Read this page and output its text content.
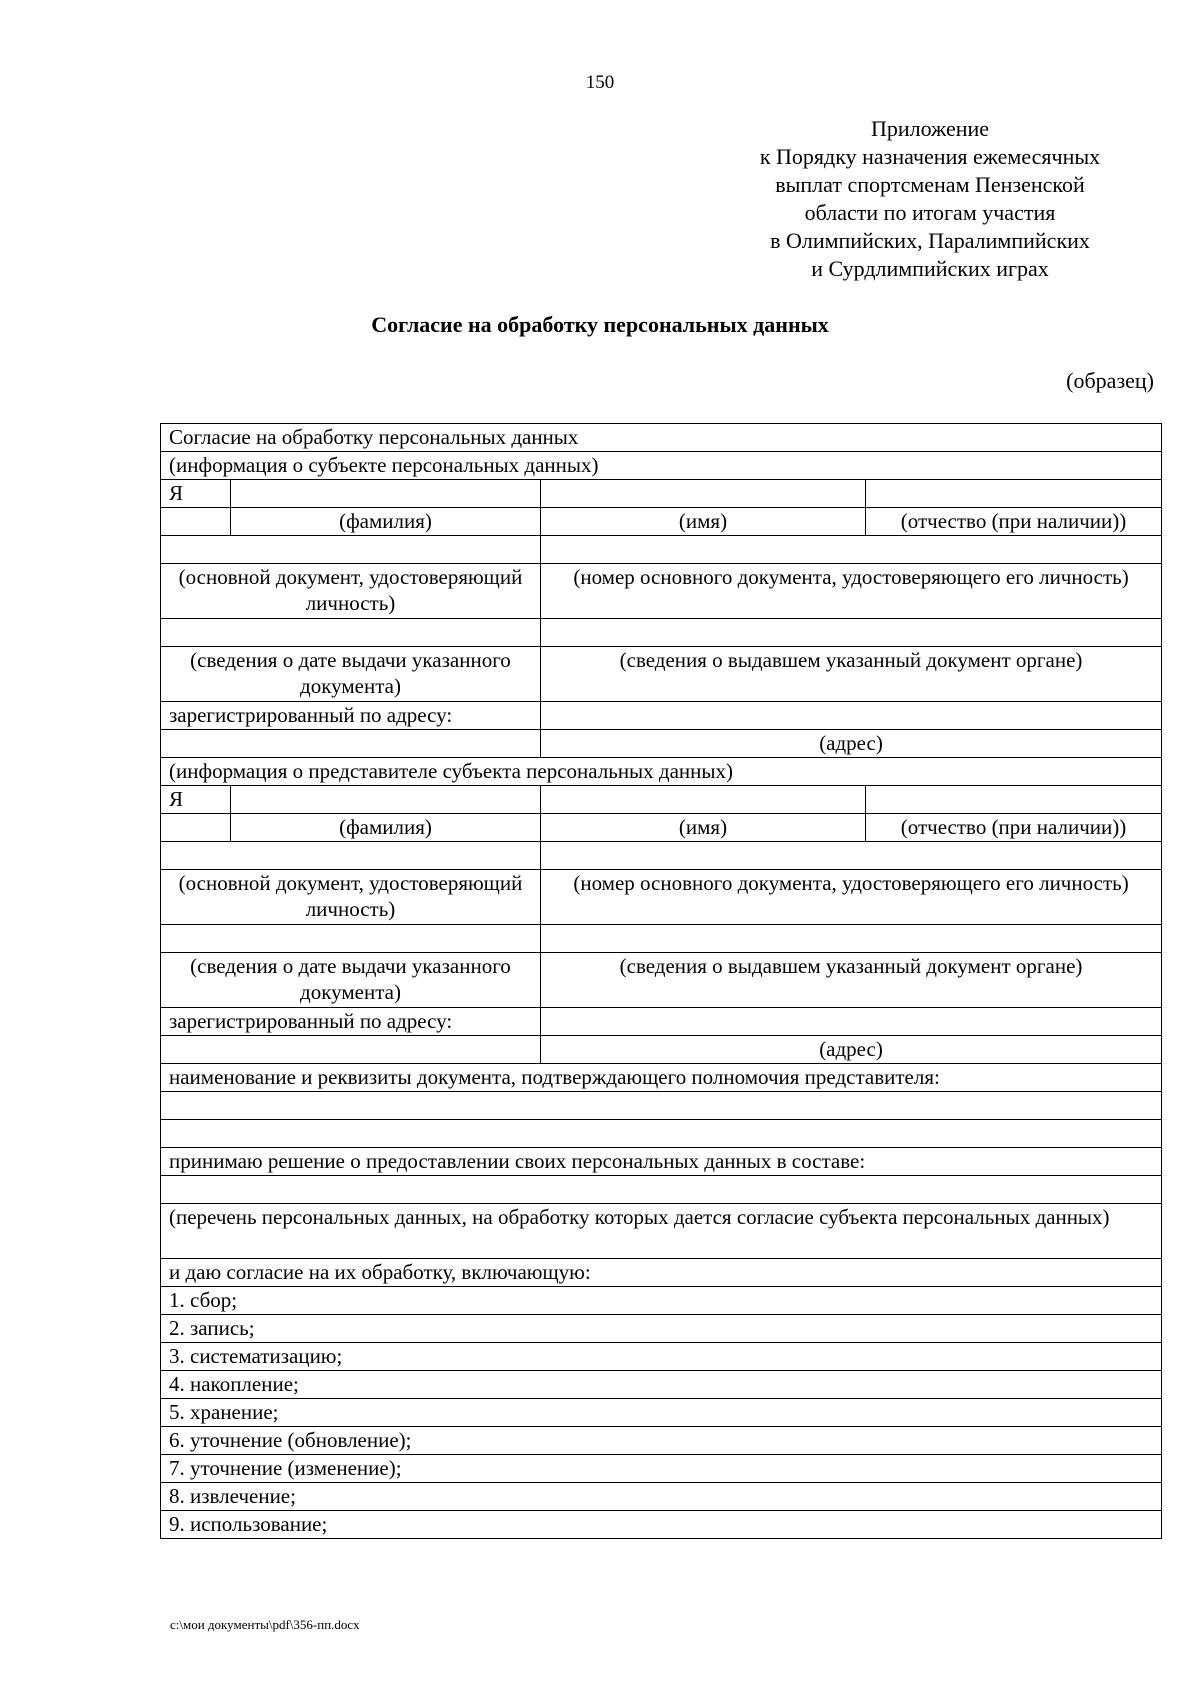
150
Приложение
к Порядку назначения ежемесячных
выплат спортсменам Пензенской
области по итогам участия
в Олимпийских, Паралимпийских
и Сурдлимпийских играх
Согласие на обработку персональных данных
(образец)
Согласие на обработку персональных данных			
(информация о субъекте персональных данных)			
Я			
	(фамилия)	(имя)	(отчество (при наличии))

(основной документ, удостоверяющий личность)		(номер основного документа, удостоверяющего его личность)	

(сведения о дате выдачи указанного документа)		(сведения о выдавшем указанный документ органе)	
зарегистрированный по адресу:			
		(адрес)	
(информация о представителе субъекта персональных данных)			
Я			
	(фамилия)	(имя)	(отчество (при наличии))

(основной документ, удостоверяющий личность)		(номер основного документа, удостоверяющего его личность)	

(сведения о дате выдачи указанного документа)		(сведения о выдавшем указанный документ органе)	
зарегистрированный по адресу:			
		(адрес)	
наименование и реквизиты документа, подтверждающего полномочия представителя:			

принимаю решение о предоставлении своих персональных данных в составе:			

(перечень персональных данных, на обработку которых дается согласие субъекта персональных данных)			
и даю согласие на их обработку, включающую:			
1. сбор;			
2. запись;			
3. систематизацию;			
4. накопление;			
5. хранение;			
6. уточнение (обновление);			
7. уточнение (изменение);			
8. извлечение;			
9. использование;			
c:\мои документы\pdf\356-пп.docx
